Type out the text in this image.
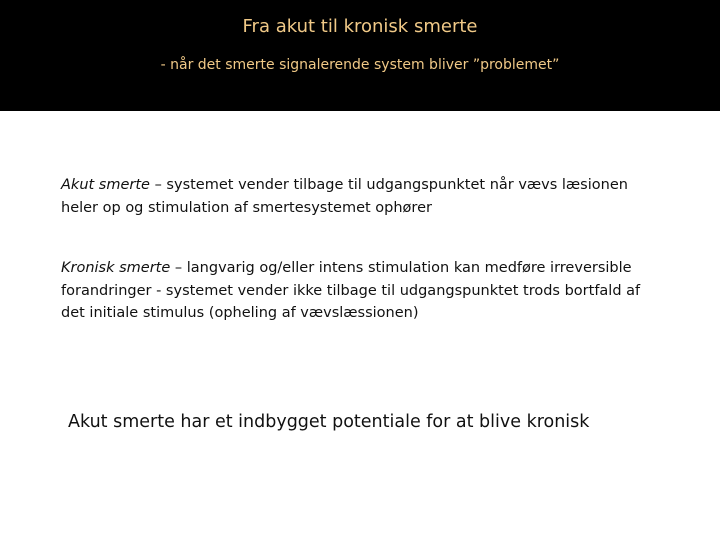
Fra akut til kronisk smerte
- når det smerte signalerende system bliver ”problemet”
Akut smerte – systemet vender tilbage til udgangspunktet når vævs læsionen heler op og stimulation af smertesystemet ophører
Kronisk smerte – langvarig og/eller intens stimulation kan medføre irreversible forandringer - systemet vender ikke tilbage til udgangspunktet trods bortfald af det initiale stimulus (opheling af vævslæssionen)
Akut smerte har et indbygget potentiale for at blive kronisk
